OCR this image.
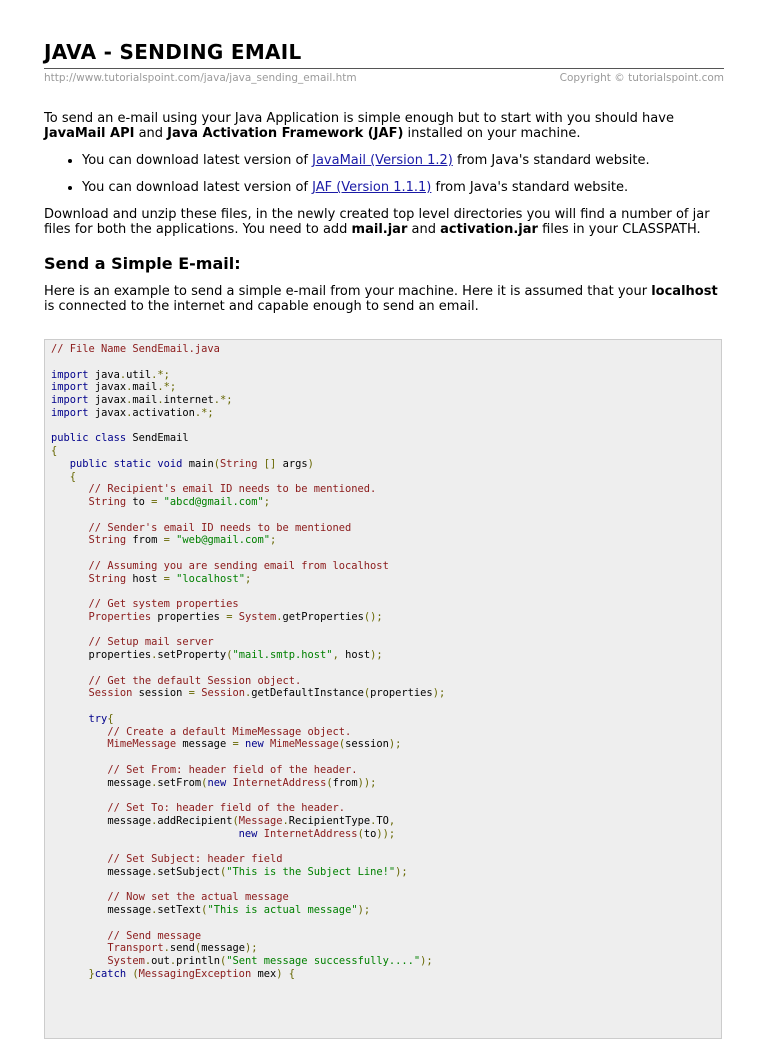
JAVA - SENDING EMAIL
http://www.tutorialspoint.com/java/java_sending_email.htm	Copyright © tutorialspoint.com

To send an e-mail using your Java Application is simple enough but to start with you should have JavaMail API and Java Activation Framework (JAF) installed on your machine.

• You can download latest version of JavaMail (Version 1.2) from Java's standard website.
• You can download latest version of JAF (Version 1.1.1) from Java's standard website.

Download and unzip these files, in the newly created top level directories you will find a number of jar files for both the applications. You need to add mail.jar and activation.jar files in your CLASSPATH.

Send a Simple E-mail:

Here is an example to send a simple e-mail from your machine. Here it is assumed that your localhost is connected to the internet and capable enough to send an email.

// File Name SendEmail.java

import java.util.*;
import javax.mail.*;
import javax.mail.internet.*;
import javax.activation.*;

public class SendEmail
{
public static void main(String [] args)
{
// Recipient's email ID needs to be mentioned.
String to = "abcd@gmail.com";

// Sender's email ID needs to be mentioned
String from = "web@gmail.com";

// Assuming you are sending email from localhost
String host = "localhost";

// Get system properties
Properties properties = System.getProperties();

// Setup mail server
properties.setProperty("mail.smtp.host", host);

// Get the default Session object.
Session session = Session.getDefaultInstance(properties);

try{
// Create a default MimeMessage object.
MimeMessage message = new MimeMessage(session);

// Set From: header field of the header.
message.setFrom(new InternetAddress(from));

// Set To: header field of the header.
message.addRecipient(Message.RecipientType.TO,
new InternetAddress(to));

// Set Subject: header field
message.setSubject("This is the Subject Line!");

// Now set the actual message
message.setText("This is actual message");

// Send message
Transport.send(message);
System.out.println("Sent message successfully....");
}catch (MessagingException mex) {
